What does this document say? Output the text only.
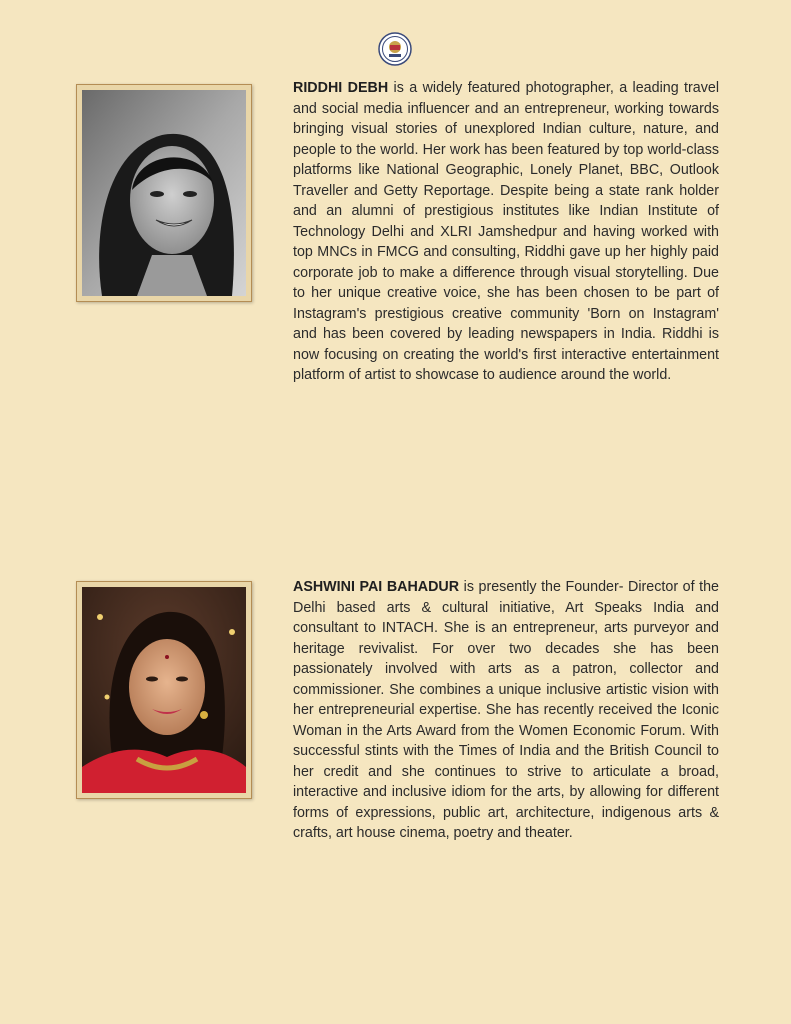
RIDDHI DEBH is a widely featured photographer, a leading travel and social media influencer and an entrepreneur, working towards bringing visual stories of unexplored Indian culture, nature, and people to the world. Her work has been featured by top world-class platforms like National Geographic, Lonely Planet, BBC, Outlook Traveller and Getty Reportage. Despite being a state rank holder and an alumni of prestigious institutes like Indian Institute of Technology Delhi and XLRI Jamshedpur and having worked with top MNCs in FMCG and consulting, Riddhi gave up her highly paid corporate job to make a difference through visual storytelling. Due to her unique creative voice, she has been chosen to be part of Instagram's prestigious creative community 'Born on Instagram' and has been covered by leading newspapers in India. Riddhi is now focusing on creating the world's first interactive entertainment platform of artist to showcase to audience around the world.

ASHWINI PAI BAHADUR is presently the Founder- Director of the Delhi based arts & cultural initiative, Art Speaks India and consultant to INTACH. She is an entrepreneur, arts purveyor and heritage revivalist. For over two decades she has been passionately involved with arts as a patron, collector and commissioner. She combines a unique inclusive artistic vision with her entrepreneurial expertise. She has recently received the Iconic Woman in the Arts Award from the Women Economic Forum. With successful stints with the Times of India and the British Council to her credit and she continues to strive to articulate a broad, interactive and inclusive idiom for the arts, by allowing for different forms of expressions, public art, architecture, indigenous arts & crafts, art house cinema, poetry and theater.
